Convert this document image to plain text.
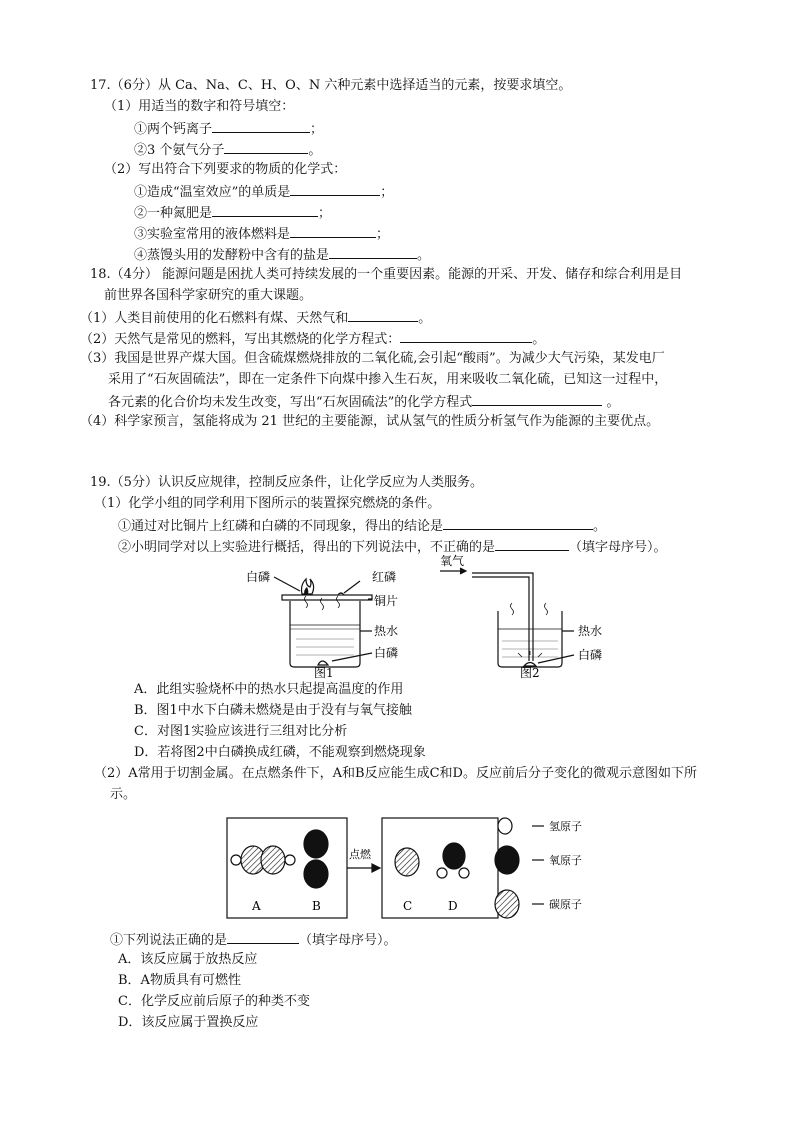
17.（6分）从 Ca、Na、C、H、O、N 六种元素中选择适当的元素，按要求填空。
（1）用适当的数字和符号填空：
①两个钙离子	；
②3 个氨气分子	。
（2）写出符合下列要求的物质的化学式：
①造成“温室效应”的单质是	；
②一种氮肥是	；
③实验室常用的液体燃料是	；
④蒸馒头用的发酵粉中含有的盐是	。
18.（4分） 能源问题是困扰人类可持续发展的一个重要因素。能源的开采、开发、储存和综合利用是目
前世界各国科学家研究的重大课题。
（1）人类目前使用的化石燃料有煤、天然气和	。
（2）天然气是常见的燃料，写出其燃烧的化学方程式：	。
（3）我国是世界产煤大国。但含硫煤燃烧排放的二氧化硫,会引起“酸雨”。为减少大气污染，某发电厂
采用了“石灰固硫法”，即在一定条件下向煤中掺入生石灰，用来吸收二氧化硫，已知这一过程中，
各元素的化合价均未发生改变，写出“石灰固硫法”的化学方程式	。
（4）科学家预言，氢能将成为 21 世纪的主要能源，试从氢气的性质分析氢气作为能源的主要优点。
19.（5分）认识反应规律，控制反应条件，让化学反应为人类服务。
（1）化学小组的同学利用下图所示的装置探究燃烧的条件。
①通过对比铜片上红磷和白磷的不同现象，得出的结论是	。
②小明同学对以上实验进行概括，得出的下列说法中，不正确的是	（填字母序号）。
白磷	红磷
铜片
热水
白磷
图1
氧气
热水
白磷
图2
A．此组实验烧杯中的热水只起提高温度的作用
B．图1中水下白磷未燃烧是由于没有与氧气接触
C．对图1实验应该进行三组对比分析
D．若将图2中白磷换成红磷，不能观察到燃烧现象
（2）A常用于切割金属。在点燃条件下，A和B反应能生成C和D。反应前后分子变化的微观示意图如下所
示。
A	B	C	D
点燃
氢原子
氧原子
碳原子
①下列说法正确的是	（填字母序号）。
A．该反应属于放热反应
B．A物质具有可燃性
C．化学反应前后原子的种类不变
D．该反应属于置换反应
